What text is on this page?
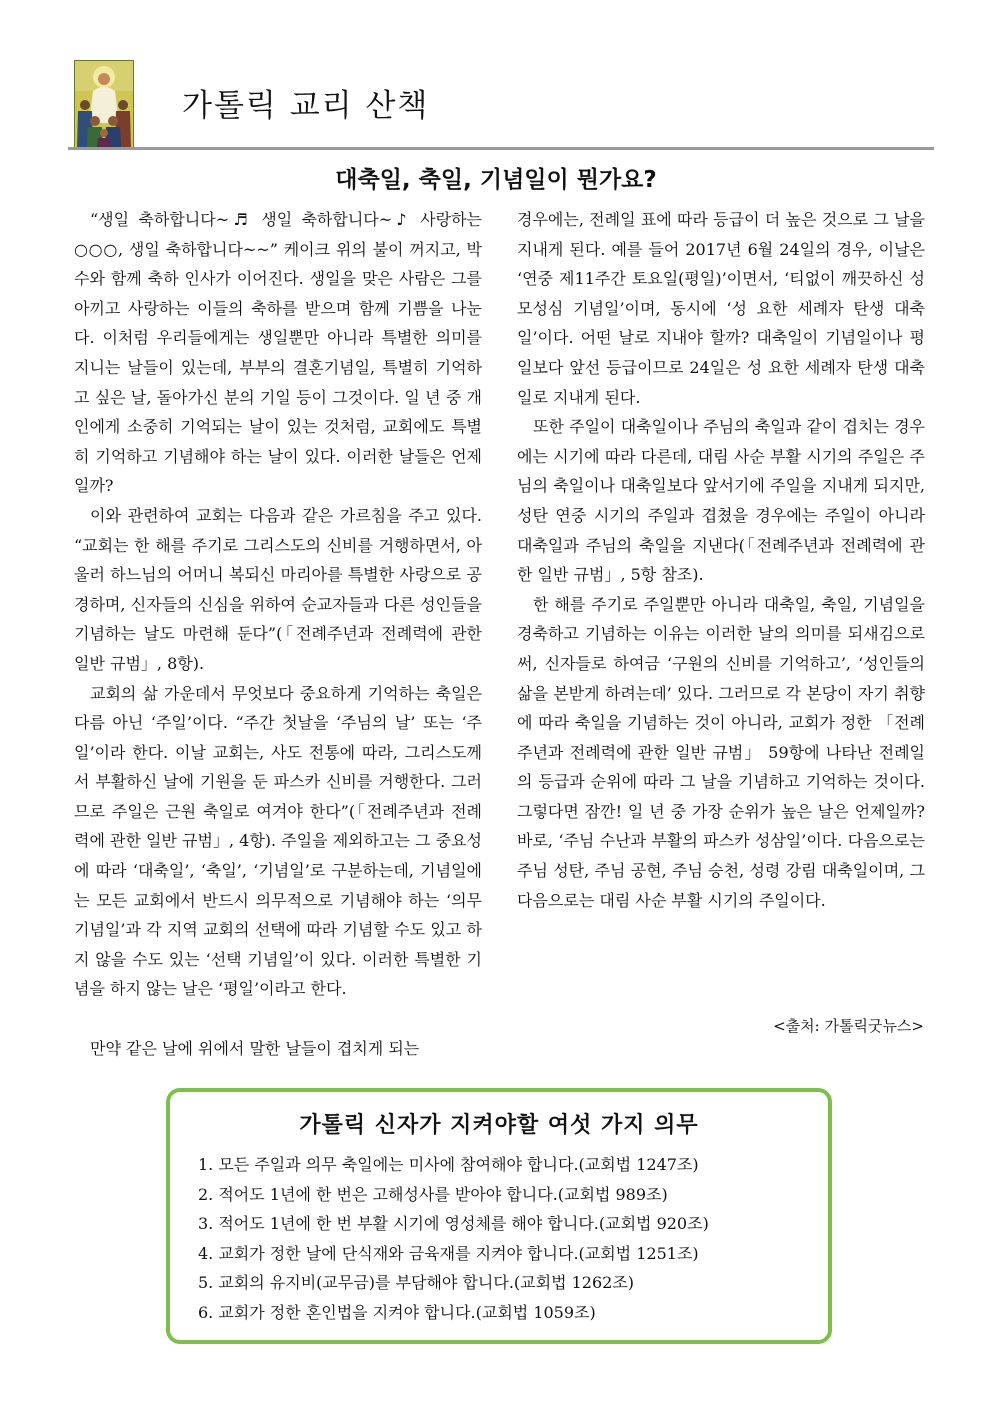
가톨릭 교리 산책
대축일, 축일, 기념일이 뭔가요?

“생일 축하합니다~♬ 생일 축하합니다~♪ 사랑하는 ○○○, 생일 축하합니다~~” 케이크 위의 불이 꺼지고, 박수와 함께 축하 인사가 이어진다. 생일을 맞은 사람은 그를 아끼고 사랑하는 이들의 축하를 받으며 함께 기쁨을 나눈다. 이처럼 우리들에게는 생일뿐만 아니라 특별한 의미를 지니는 날들이 있는데, 부부의 결혼기념일, 특별히 기억하고 싶은 날, 돌아가신 분의 기일 등이 그것이다. 일 년 중 개인에게 소중히 기억되는 날이 있는 것처럼, 교회에도 특별히 기억하고 기념해야 하는 날이 있다. 이러한 날들은 언제일까?

이와 관련하여 교회는 다음과 같은 가르침을 주고 있다. “교회는 한 해를 주기로 그리스도의 신비를 거행하면서, 아울러 하느님의 어머니 복되신 마리아를 특별한 사랑으로 공경하며, 신자들의 신심을 위하여 순교자들과 다른 성인들을 기념하는 날도 마련해 둔다”(「전례주년과 전례력에 관한 일반 규범」, 8항).

교회의 삶 가운데서 무엇보다 중요하게 기억하는 축일은 다름 아닌 ‘주일’이다. “주간 첫날을 ‘주님의 날’ 또는 ‘주일’이라 한다. 이날 교회는, 사도 전통에 따라, 그리스도께서 부활하신 날에 기원을 둔 파스카 신비를 거행한다. 그러므로 주일은 근원 축일로 여겨야 한다”(「전례주년과 전례력에 관한 일반 규범」, 4항). 주일을 제외하고는 그 중요성에 따라 ‘대축일’, ‘축일’, ‘기념일’로 구분하는데, 기념일에는 모든 교회에서 반드시 의무적으로 기념해야 하는 ‘의무 기념일’과 각 지역 교회의 선택에 따라 기념할 수도 있고 하지 않을 수도 있는 ‘선택 기념일’이 있다. 이러한 특별한 기념을 하지 않는 날은 ‘평일’이라고 한다.

만약 같은 날에 위에서 말한 날들이 겹치게 되는

경우에는, 전례일 표에 따라 등급이 더 높은 것으로 그 날을 지내게 된다. 예를 들어 2017년 6월 24일의 경우, 이날은 ‘연중 제11주간 토요일(평일)’이면서, ‘티없이 깨끗하신 성모성심 기념일’이며, 동시에 ‘성 요한 세례자 탄생 대축일’이다. 어떤 날로 지내야 할까? 대축일이 기념일이나 평일보다 앞선 등급이므로 24일은 성 요한 세례자 탄생 대축일로 지내게 된다.

또한 주일이 대축일이나 주님의 축일과 같이 겹치는 경우에는 시기에 따라 다른데, 대림 사순 부활 시기의 주일은 주님의 축일이나 대축일보다 앞서기에 주일을 지내게 되지만, 성탄 연중 시기의 주일과 겹쳤을 경우에는 주일이 아니라 대축일과 주님의 축일을 지낸다(「전례주년과 전례력에 관한 일반 규범」, 5항 참조).

한 해를 주기로 주일뿐만 아니라 대축일, 축일, 기념일을 경축하고 기념하는 이유는 이러한 날의 의미를 되새김으로써, 신자들로 하여금 ‘구원의 신비를 기억하고’, ‘성인들의 삶을 본받게 하려는데’ 있다. 그러므로 각 본당이 자기 취향에 따라 축일을 기념하는 것이 아니라, 교회가 정한 「전례주년과 전례력에 관한 일반 규범」 59항에 나타난 전례일의 등급과 순위에 따라 그 날을 기념하고 기억하는 것이다. 그렇다면 잠깐! 일 년 중 가장 순위가 높은 날은 언제일까? 바로, ‘주님 수난과 부활의 파스카 성삼일’이다. 다음으로는 주님 성탄, 주님 공현, 주님 승천, 성령 강림 대축일이며, 그 다음으로는 대림 사순 부활 시기의 주일이다.

<출처: 가톨릭굿뉴스>
가톨릭 신자가 지켜야할 여섯 가지 의무
1. 모든 주일과 의무 축일에는 미사에 참여해야 합니다.(교회법 1247조)
2. 적어도 1년에 한 번은 고해성사를 받아야 합니다.(교회법 989조)
3. 적어도 1년에 한 번 부활 시기에 영성체를 해야 합니다.(교회법 920조)
4. 교회가 정한 날에 단식재와 금육재를 지켜야 합니다.(교회법 1251조)
5. 교회의 유지비(교무금)를 부담해야 합니다.(교회법 1262조)
6. 교회가 정한 혼인법을 지켜야 합니다.(교회법 1059조)
